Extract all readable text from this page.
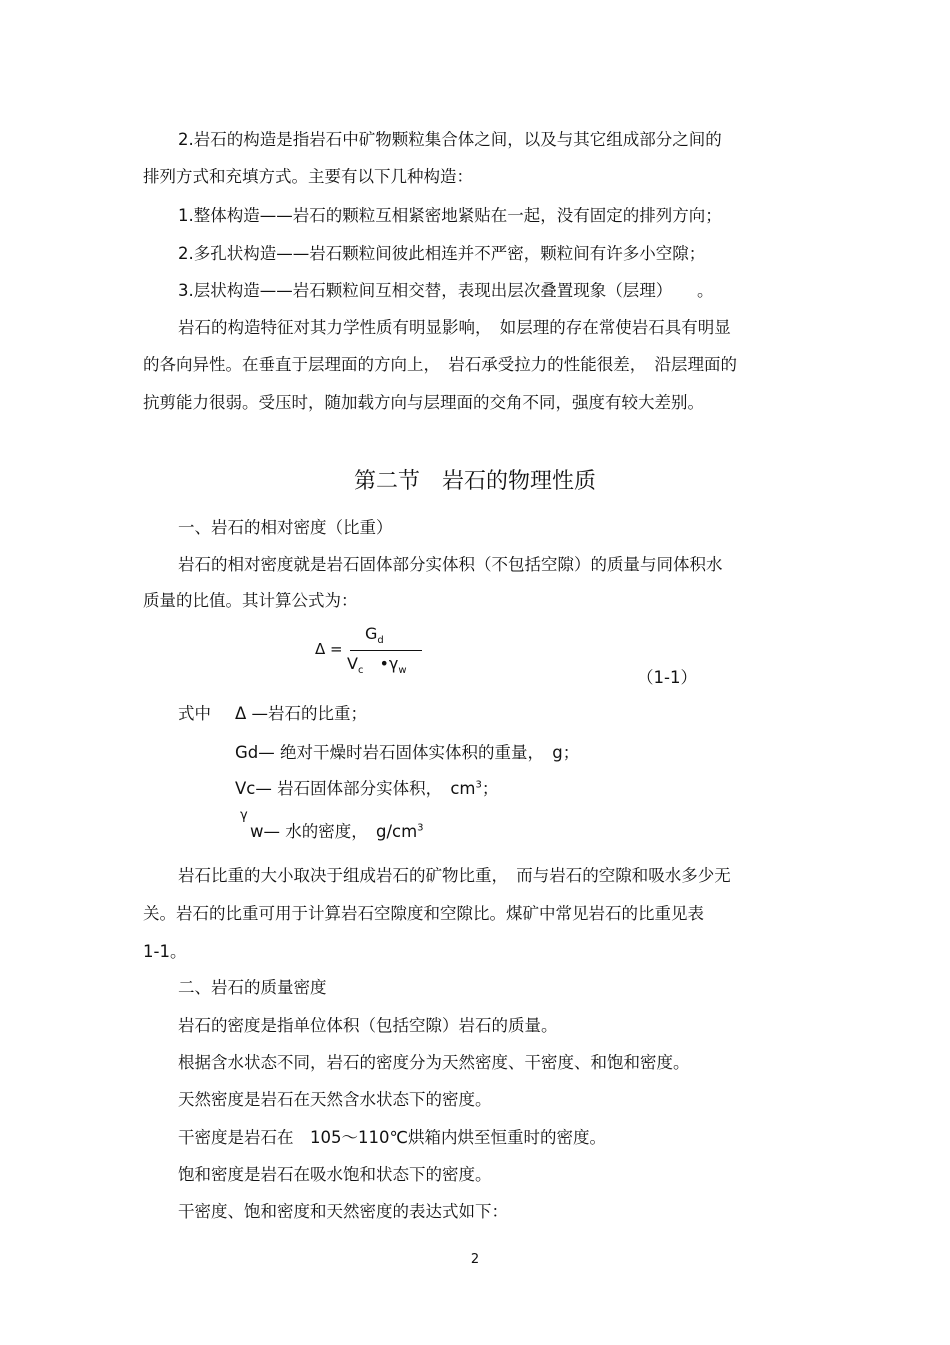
2.岩石的构造是指岩石中矿物颗粒集合体之间，以及与其它组成部分之间的
排列方式和充填方式。主要有以下几种构造：
1.整体构造——岩石的颗粒互相紧密地紧贴在一起，没有固定的排列方向；
2.多孔状构造——岩石颗粒间彼此相连并不严密，颗粒间有许多小空隙；
3.层状构造——岩石颗粒间互相交替，表现出层次叠置现象（层理）　　。
岩石的构造特征对其力学性质有明显影响，　如层理的存在常使岩石具有明显
的各向异性。在垂直于层理面的方向上，　岩石承受拉力的性能很差，　沿层理面的
抗剪能力很弱。受压时，随加载方向与层理面的交角不同，强度有较大差别。
第二节　岩石的物理性质
一、岩石的相对密度（比重）
岩石的相对密度就是岩石固体部分实体积（不包括空隙）的质量与同体积水
质量的比值。其计算公式为：
Δ =
$G_d$
$V_c$  $•\gamma_w$	（1-1）
式中 Δ —岩石的比重；
Gd— 绝对干燥时岩石固体实体积的重量，　g；
Vc— 岩石固体部分实体积，　$cm^3$；
γ
w— 水的密度，　$g/cm^3$
岩石比重的大小取决于组成岩石的矿物比重，　而与岩石的空隙和吸水多少无
关。岩石的比重可用于计算岩石空隙度和空隙比。煤矿中常见岩石的比重见表
1-1。
二、岩石的质量密度
岩石的密度是指单位体积（包括空隙）岩石的质量。
根据含水状态不同，岩石的密度分为天然密度、干密度、和饱和密度。
天然密度是岩石在天然含水状态下的密度。
干密度是岩石在　105～110℃烘箱内烘至恒重时的密度。
饱和密度是岩石在吸水饱和状态下的密度。
干密度、饱和密度和天然密度的表达式如下：
2
